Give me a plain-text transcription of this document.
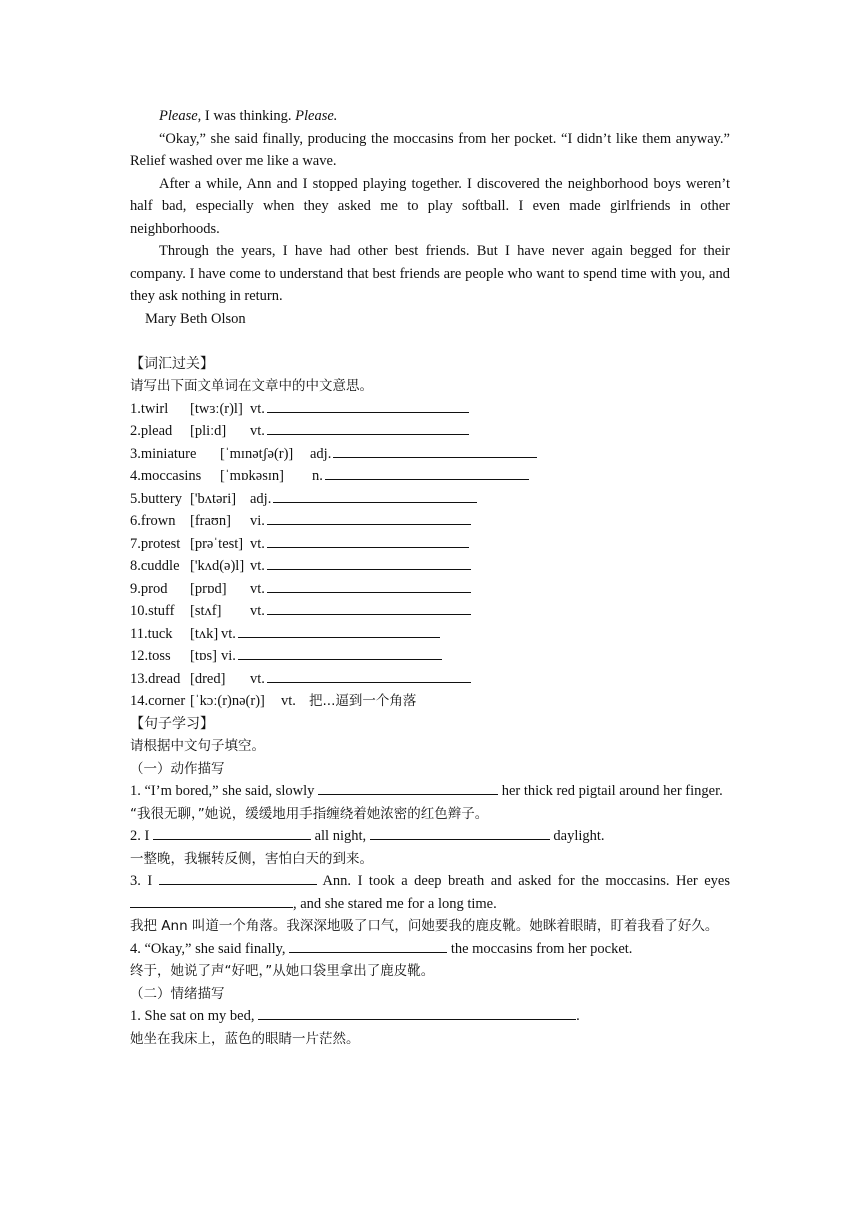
Please, I was thinking. Please.

“Okay,” she said finally, producing the moccasins from her pocket. “I didn’t like them anyway.” Relief washed over me like a wave.

After a while, Ann and I stopped playing together. I discovered the neighborhood boys weren’t half bad, especially when they asked me to play softball. I even made girlfriends in other neighborhoods.

Through the years, I have had other best friends. But I have never again begged for their company. I have come to understand that best friends are people who want to spend time with you, and they ask nothing in return.

Mary Beth Olson

【词汇过关】

请写出下面文单词在文章中的中文意思。

1.twirl	[twɜː(r)l] vt.
2.plead	[pliːd]	vt.
3.miniature	[ˈmɪnətʃə(r)]	adj.
4.moccasins	[ˈmɒkəsɪn]	n.
5.buttery ['bʌtəri] adj.
6.frown [fraʊn]	vi.
7.protest [prəˈtest] vt.
8.cuddle ['kʌd(ə)l] vt.
9.prod	[prɒd]	vt.
10.stuff	[stʌf]	vt.
11.tuck	[tʌk] vt.
12.toss	[tɒs] vi.
13.dread [dred]	vt.
14.corner [ˈkɔː(r)nə(r)]	vt. 把...逼到一个角落

【句子学习】

请根据中文句子填空。

（一）动作描写

1. “I’m bored,” she said, slowly	her thick red pigtail around her finger.

“我很无聊，”她说，缓缓地用手指缠绕着她浓密的红色辫子。

2. I	all night,	daylight.

一整晚，我辗转反侧，害怕白天的到来。

3. I	Ann. I took a deep breath and asked for the moccasins. Her eyes , and she stared me for a long time.

我把 Ann 叫道一个角落。我深深地吸了口气，问她要我的鹿皮靴。她眯着眼睛，盯着我看了好久。

4. “Okay,” she said finally,	the moccasins from her pocket.

终于，她说了声“好吧，”从她口袋里拿出了鹿皮靴。

（二）情绪描写

1. She sat on my bed,	.

她坐在我床上，蓝色的眼睛一片茫然。
